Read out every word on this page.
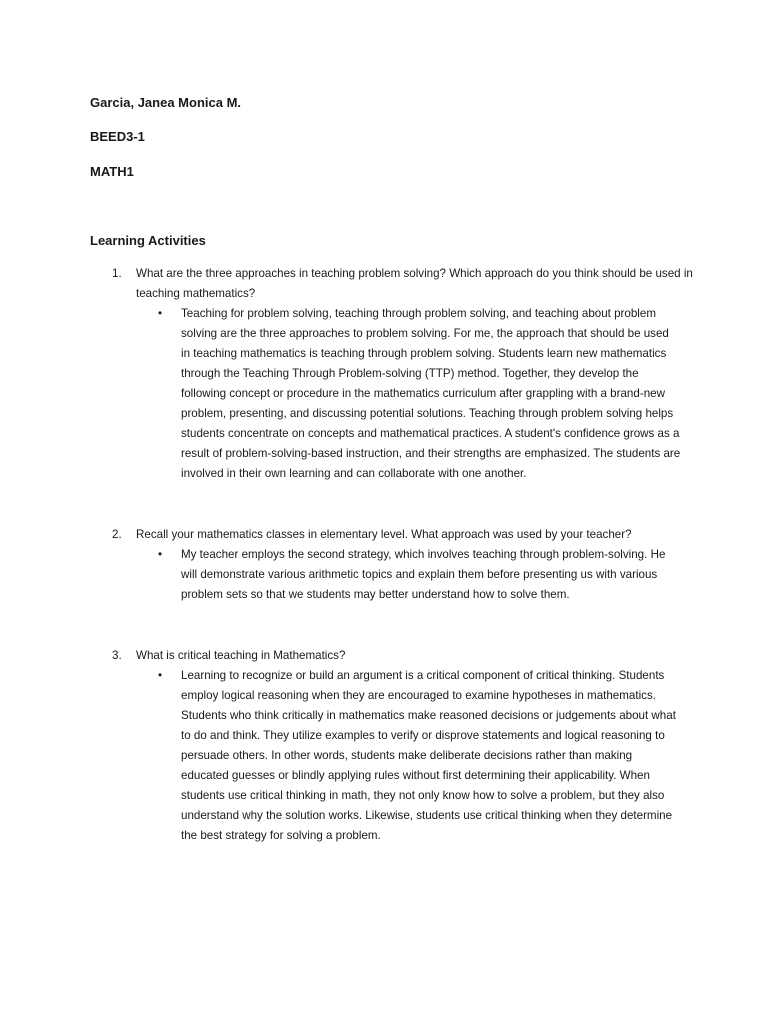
Garcia, Janea Monica M.
BEED3-1
MATH1
Learning Activities
1. What are the three approaches in teaching problem solving? Which approach do you think should be used in teaching mathematics?
• Teaching for problem solving, teaching through problem solving, and teaching about problem solving are the three approaches to problem solving. For me, the approach that should be used in teaching mathematics is teaching through problem solving. Students learn new mathematics through the Teaching Through Problem-solving (TTP) method. Together, they develop the following concept or procedure in the mathematics curriculum after grappling with a brand-new problem, presenting, and discussing potential solutions. Teaching through problem solving helps students concentrate on concepts and mathematical practices. A student's confidence grows as a result of problem-solving-based instruction, and their strengths are emphasized. The students are involved in their own learning and can collaborate with one another.
2. Recall your mathematics classes in elementary level. What approach was used by your teacher?
• My teacher employs the second strategy, which involves teaching through problem-solving. He will demonstrate various arithmetic topics and explain them before presenting us with various problem sets so that we students may better understand how to solve them.
3. What is critical teaching in Mathematics?
• Learning to recognize or build an argument is a critical component of critical thinking. Students employ logical reasoning when they are encouraged to examine hypotheses in mathematics. Students who think critically in mathematics make reasoned decisions or judgements about what to do and think. They utilize examples to verify or disprove statements and logical reasoning to persuade others. In other words, students make deliberate decisions rather than making educated guesses or blindly applying rules without first determining their applicability. When students use critical thinking in math, they not only know how to solve a problem, but they also understand why the solution works. Likewise, students use critical thinking when they determine the best strategy for solving a problem.
